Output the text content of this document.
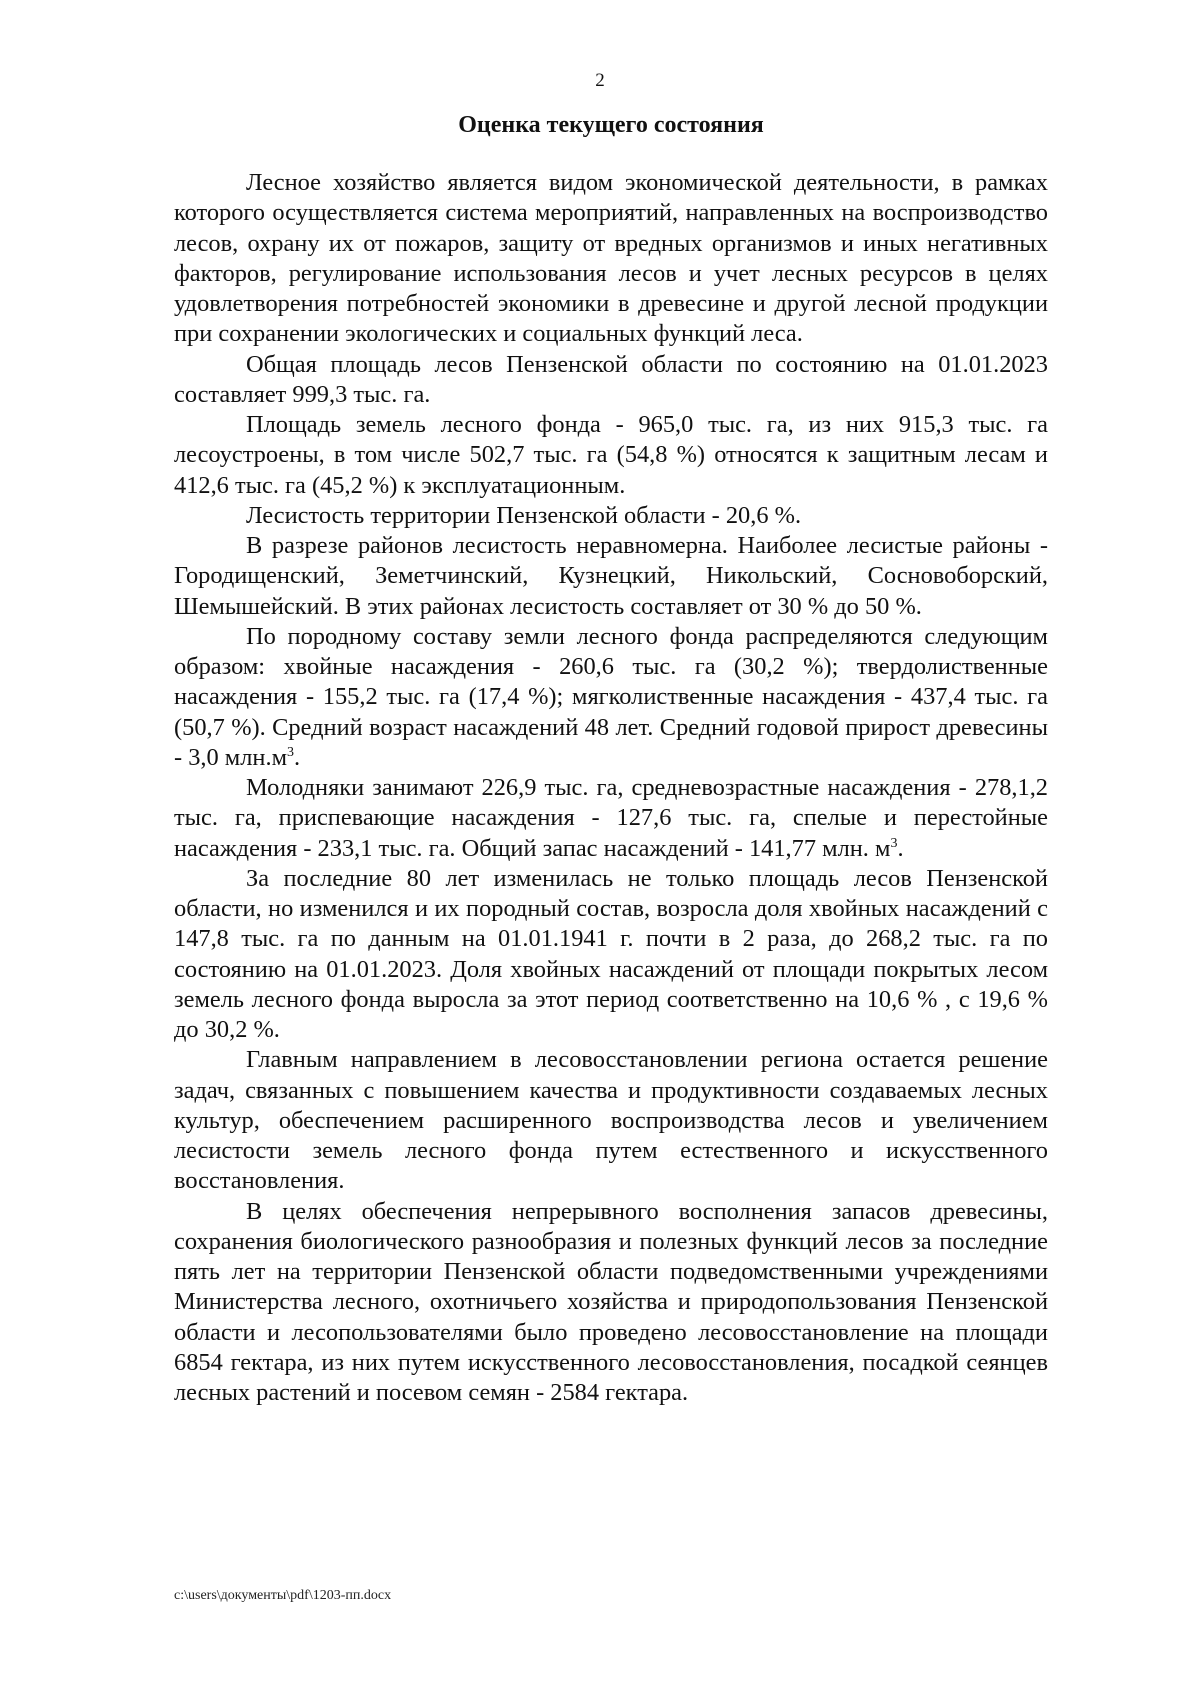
2
Оценка текущего состояния

Лесное хозяйство является видом экономической деятельности, в рамках которого осуществляется система мероприятий, направленных на воспроизводство лесов, охрану их от пожаров, защиту от вредных организмов и иных негативных факторов, регулирование использования лесов и учет лесных ресурсов в целях удовлетворения потребностей экономики в древесине и другой лесной продукции при сохранении экологических и социальных функций леса.

Общая площадь лесов Пензенской области по состоянию на 01.01.2023 составляет 999,3 тыс. га.

Площадь земель лесного фонда - 965,0 тыс. га, из них 915,3 тыс. га лесоустроены, в том числе 502,7 тыс. га (54,8 %) относятся к защитным лесам и 412,6 тыс. га (45,2 %) к эксплуатационным.

Лесистость территории Пензенской области - 20,6 %.

В разрезе районов лесистость неравномерна. Наиболее лесистые районы - Городищенский, Земетчинский, Кузнецкий, Никольский, Сосновоборский, Шемышейский. В этих районах лесистость составляет от 30 % до 50 %.

По породному составу земли лесного фонда распределяются следующим образом: хвойные насаждения - 260,6 тыс. га (30,2 %); твердолиственные насаждения - 155,2 тыс. га (17,4 %); мягколиственные насаждения - 437,4 тыс. га (50,7 %). Средний возраст насаждений 48 лет. Средний годовой прирост древесины - 3,0 $млн.м^3$.

Молодняки занимают 226,9 тыс. га, средневозрастные насаждения - 278,1,2 тыс. га, приспевающие насаждения - 127,6 тыс. га, спелые и перестойные насаждения - 233,1 тыс. га. Общий запас насаждений - 141,77 млн. $м^3$.

За последние 80 лет изменилась не только площадь лесов Пензенской области, но изменился и их породный состав, возросла доля хвойных насаждений с 147,8 тыс. га по данным на 01.01.1941 г. почти в 2 раза, до 268,2 тыс. га по состоянию на 01.01.2023. Доля хвойных насаждений от площади покрытых лесом земель лесного фонда выросла за этот период соответственно на 10,6 % , с 19,6 % до 30,2 %.

Главным направлением в лесовосстановлении региона остается решение задач, связанных с повышением качества и продуктивности создаваемых лесных культур, обеспечением расширенного воспроизводства лесов и увеличением лесистости земель лесного фонда путем естественного и искусственного восстановления.

В целях обеспечения непрерывного восполнения запасов древесины, сохранения биологического разнообразия и полезных функций лесов за последние пять лет на территории Пензенской области подведомственными учреждениями Министерства лесного, охотничьего хозяйства и природопользования Пензенской области и лесопользователями было проведено лесовосстановление на площади 6854 гектара, из них путем искусственного лесовосстановления, посадкой сеянцев лесных растений и посевом семян - 2584 гектара.

c:\users\документы\pdf\1203-пп.docx
